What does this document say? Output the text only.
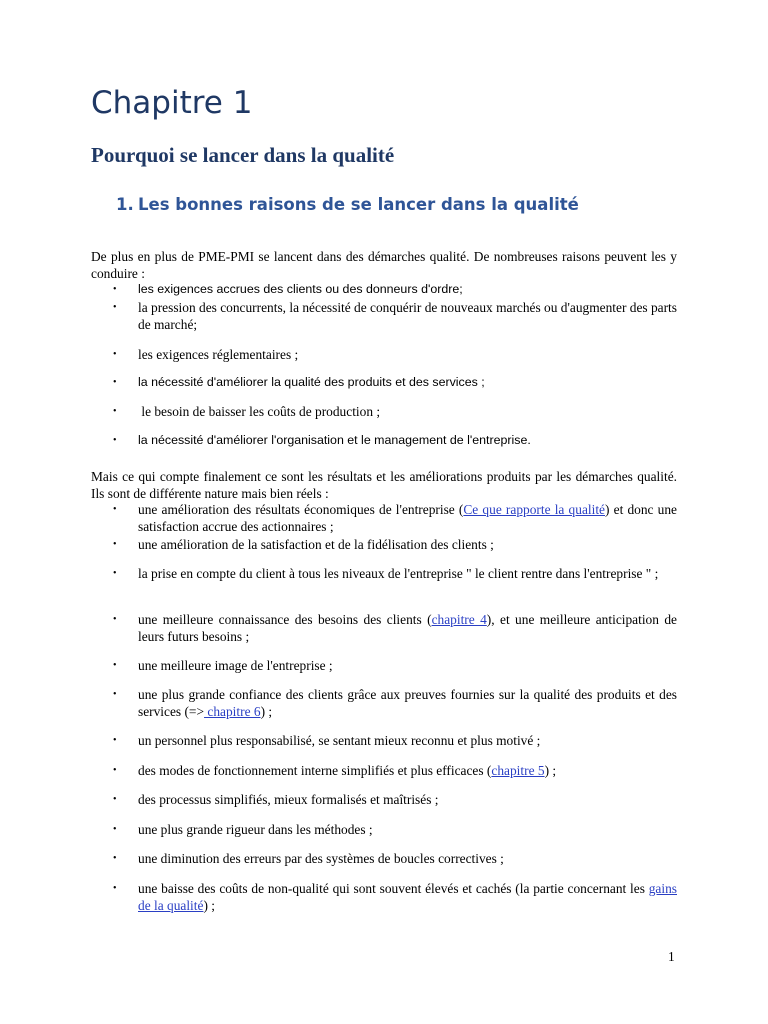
Chapitre 1
Pourquoi se lancer dans la qualité
1. Les bonnes raisons de se lancer dans la qualité

De plus en plus de PME-PMI se lancent dans des démarches qualité. De nombreuses raisons peuvent les y conduire :

• les exigences accrues des clients ou des donneurs d'ordre;
• la pression des concurrents, la nécessité de conquérir de nouveaux marchés ou d'augmenter des parts de marché;
• les exigences réglementaires ;
• la nécessité d'améliorer la qualité des produits et des services ;
• le besoin de baisser les coûts de production ;
• la nécessité d'améliorer l'organisation et le management de l'entreprise.

Mais ce qui compte finalement ce sont les résultats et les améliorations produits par les démarches qualité. Ils sont de différente nature mais bien réels :

• une amélioration des résultats économiques de l'entreprise (Ce que rapporte la qualité) et donc une satisfaction accrue des actionnaires ;
• une amélioration de la satisfaction et de la fidélisation des clients ;
• la prise en compte du client à tous les niveaux de l'entreprise " le client rentre dans l'entreprise " ;
• une meilleure connaissance des besoins des clients (chapitre 4), et une meilleure anticipation de leurs futurs besoins ;
• une meilleure image de l'entreprise ;
• une plus grande confiance des clients grâce aux preuves fournies sur la qualité des produits et des services (=> chapitre 6) ;
• un personnel plus responsabilisé, se sentant mieux reconnu et plus motivé ;
• des modes de fonctionnement interne simplifiés et plus efficaces (chapitre 5) ;
• des processus simplifiés, mieux formalisés et maîtrisés ;
• une plus grande rigueur dans les méthodes ;
• une diminution des erreurs par des systèmes de boucles correctives ;
• une baisse des coûts de non-qualité qui sont souvent élevés et cachés (la partie concernant les gains de la qualité) ;
1
